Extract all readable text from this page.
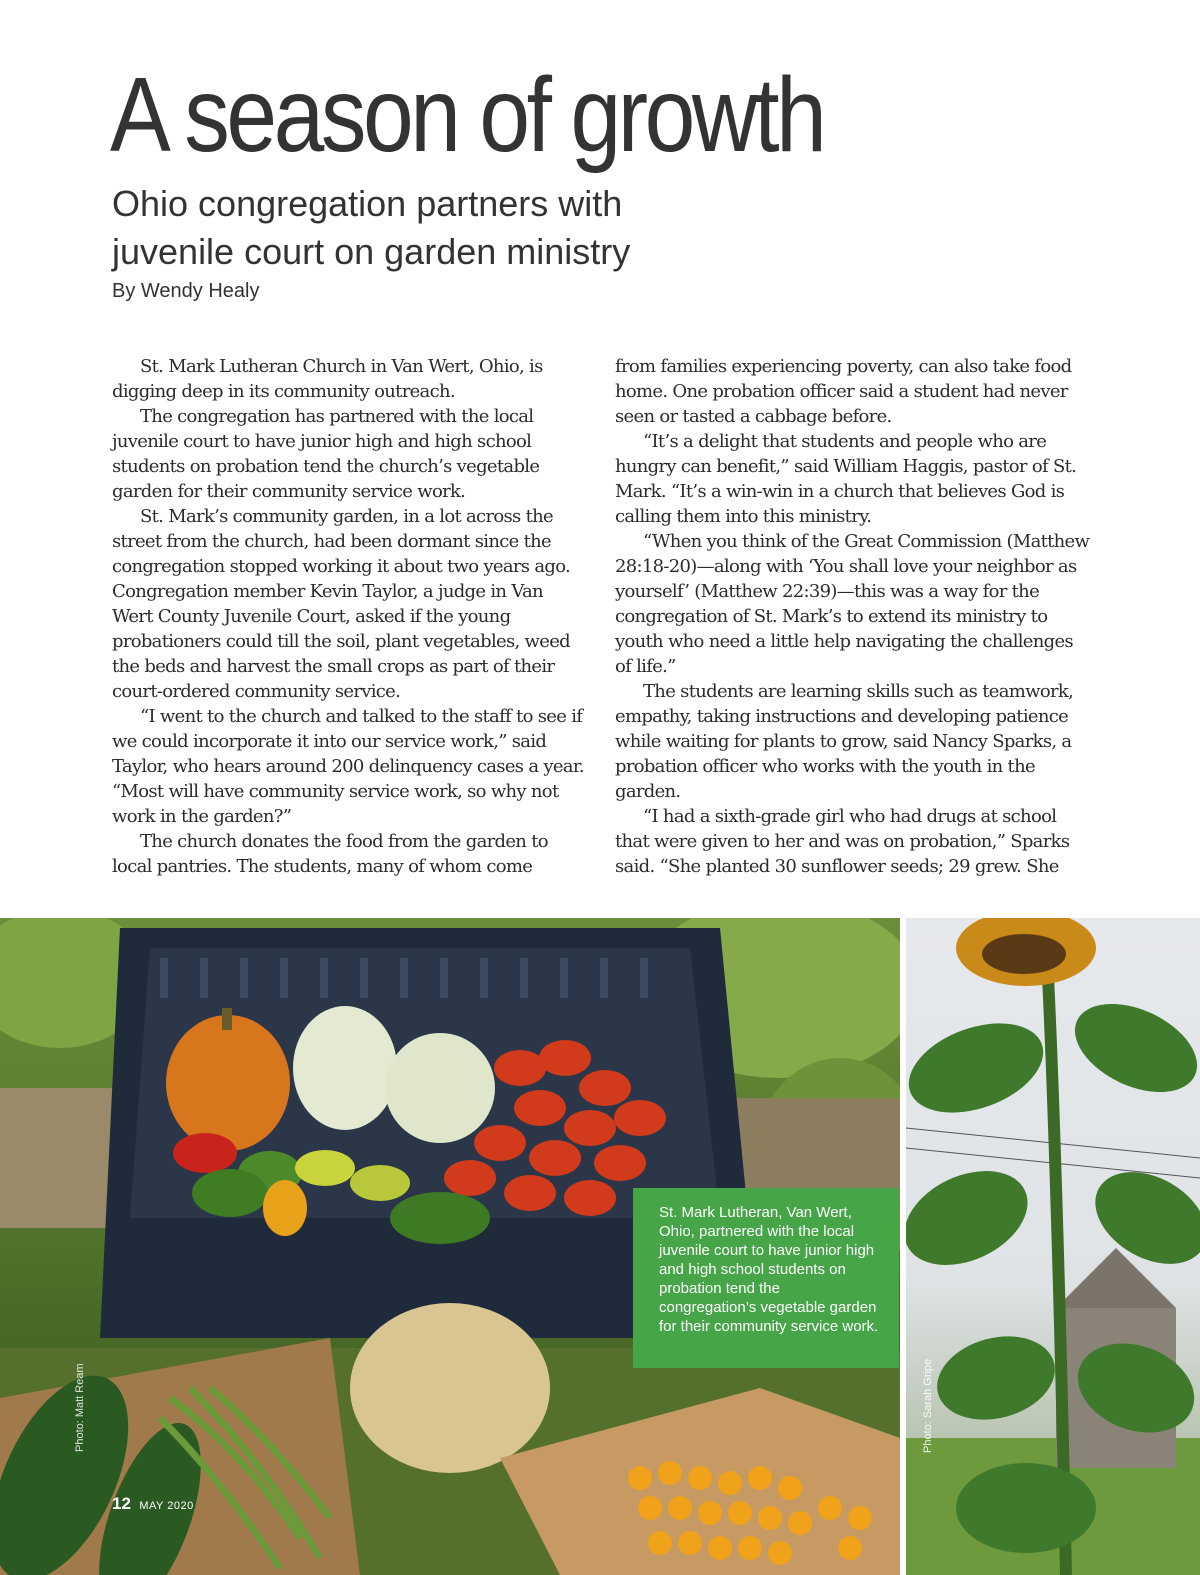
A season of growth
Ohio congregation partners with
juvenile court on garden ministry
By Wendy Healy

St. Mark Lutheran Church in Van Wert, Ohio, is digging deep in its community outreach.

The congregation has partnered with the local juvenile court to have junior high and high school students on probation tend the church’s vegetable garden for their community service work.

St. Mark’s community garden, in a lot across the street from the church, had been dormant since the congregation stopped working it about two years ago. Congregation member Kevin Taylor, a judge in Van Wert County Juvenile Court, asked if the young probationers could till the soil, plant vegetables, weed the beds and harvest the small crops as part of their court-ordered community service.

“I went to the church and talked to the staff to see if we could incorporate it into our service work,” said Taylor, who hears around 200 delinquency cases a year. “Most will have community service work, so why not work in the garden?”

The church donates the food from the garden to local pantries. The students, many of whom come

from families experiencing poverty, can also take food home. One probation officer said a student had never seen or tasted a cabbage before.

“It’s a delight that students and people who are hungry can benefit,” said William Haggis, pastor of St. Mark. “It’s a win-win in a church that believes God is calling them into this ministry.

“When you think of the Great Commission (Matthew 28:18-20)—along with ‘You shall love your neighbor as yourself’ (Matthew 22:39)—this was a way for the congregation of St. Mark’s to extend its ministry to youth who need a little help navigating the challenges of life.”

The students are learning skills such as teamwork, empathy, taking instructions and developing patience while waiting for plants to grow, said Nancy Sparks, a probation officer who works with the youth in the garden.

“I had a sixth-grade girl who had drugs at school that were given to her and was on probation,” Sparks said. “She planted 30 sunflower seeds; 29 grew. She

St. Mark Lutheran, Van Wert, Ohio, partnered with the local juvenile court to have junior high and high school students on probation tend the congregation’s vegetable garden for their community service work.
Photo: Matt Ream	Photo: Sarah Gripe
12 MAY 2020
